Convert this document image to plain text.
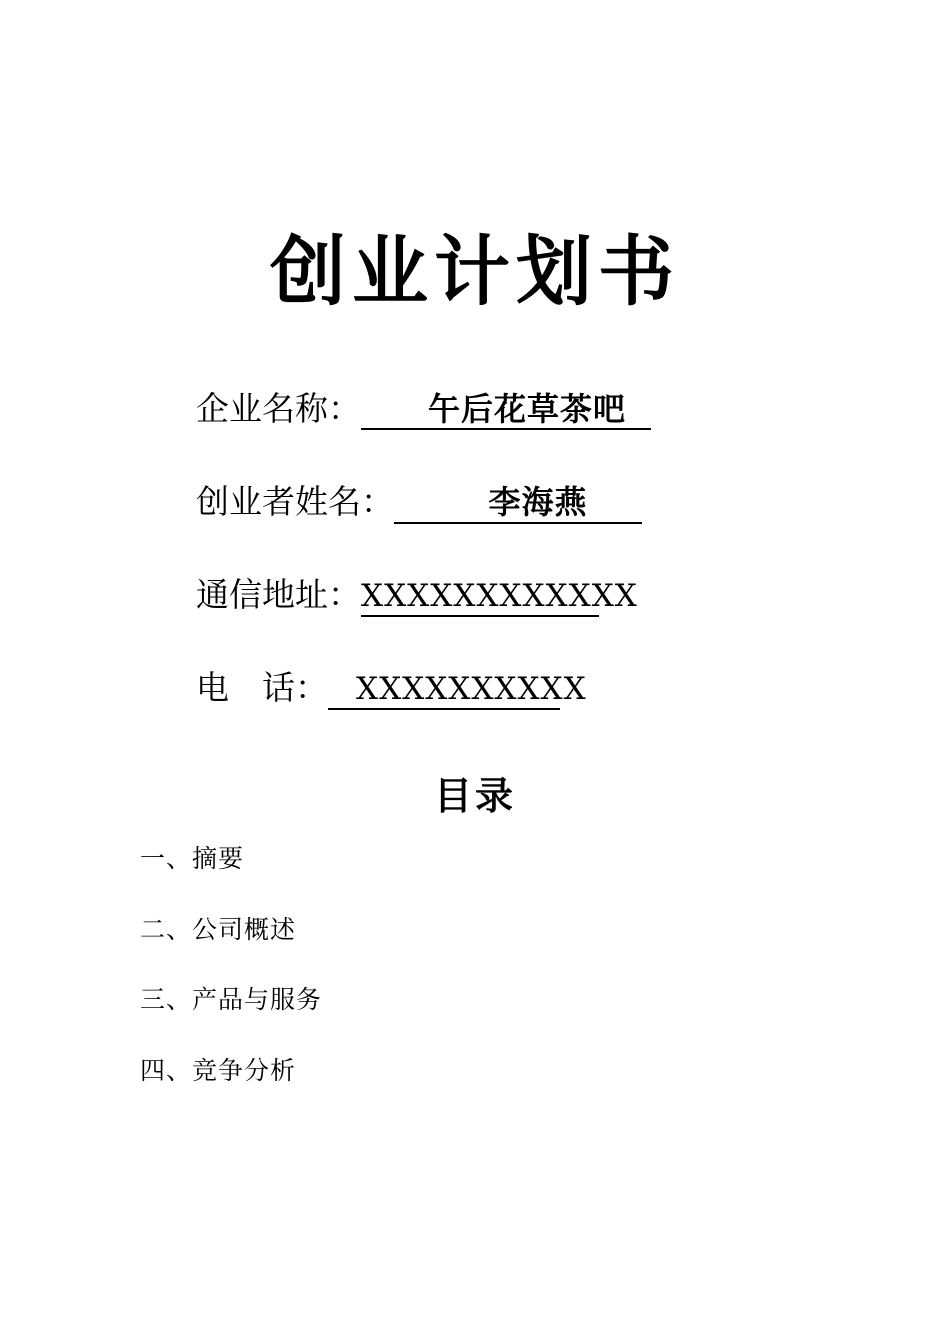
创业计划书
企业名称：	午后花草茶吧
创业者姓名：	李海燕
通信地址： XXXXXXXXXXXX
电    话： XXXXXXXXXX
目录
一、摘要
二、公司概述
三、产品与服务
四、竞争分析
